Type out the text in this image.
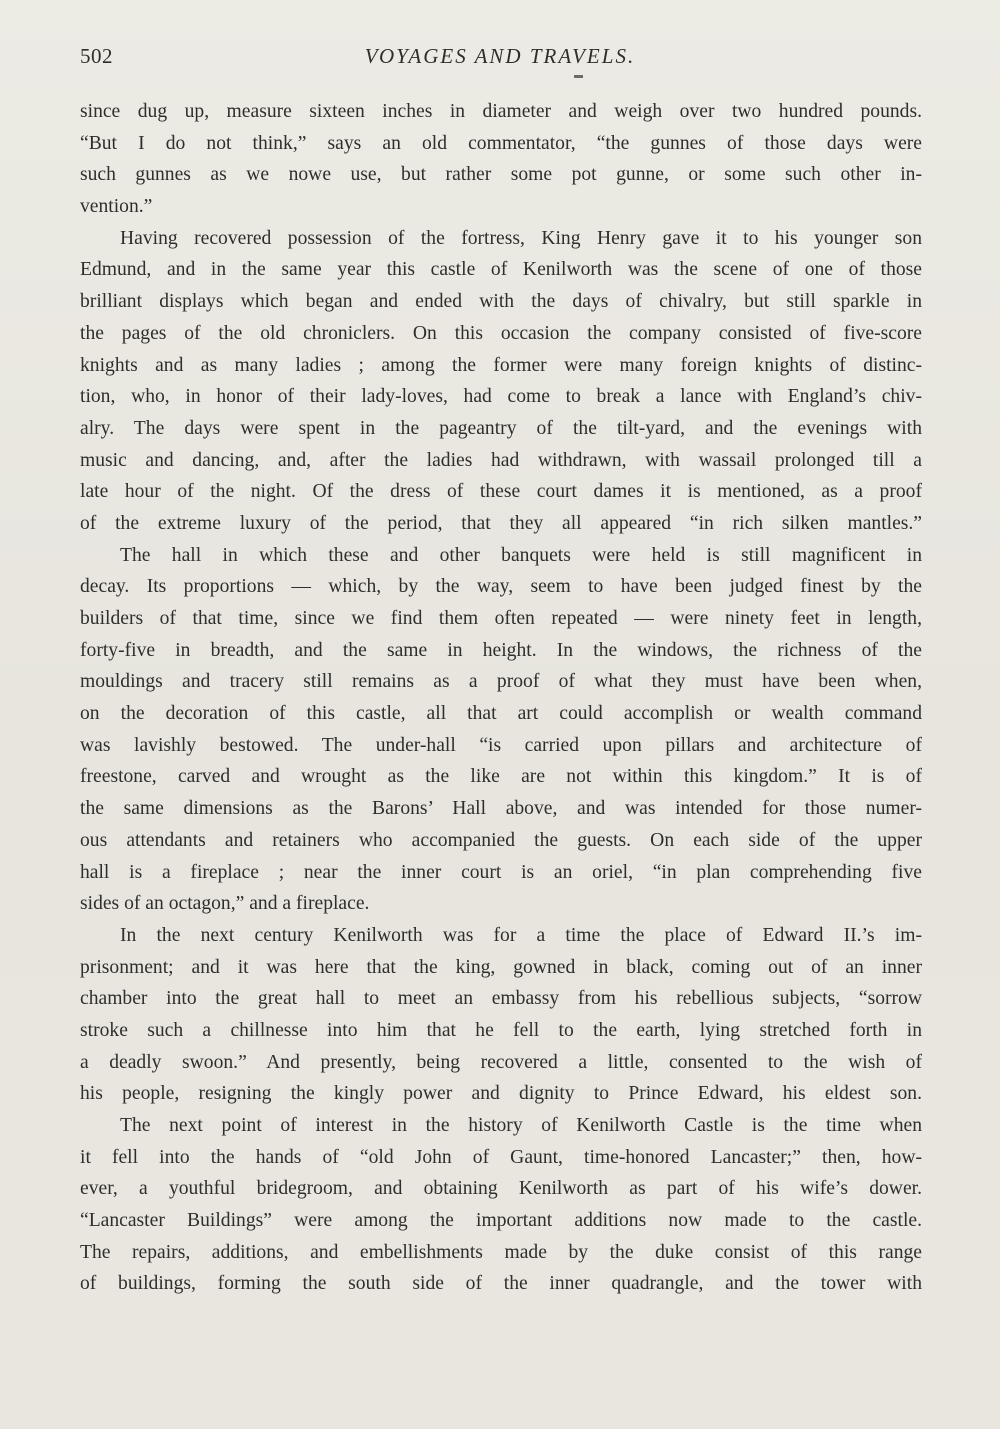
502	VOYAGES AND TRAVELS.
since dug up, measure sixteen inches in diameter and weigh over two hundred pounds.
“But I do not think,” says an old commentator, “the gunnes of those days were
such gunnes as we nowe use, but rather some pot gunne, or some such other in-
vention.”
Having recovered possession of the fortress, King Henry gave it to his younger son
Edmund, and in the same year this castle of Kenilworth was the scene of one of those
brilliant displays which began and ended with the days of chivalry, but still sparkle in
the pages of the old chroniclers. On this occasion the company consisted of five-score
knights and as many ladies ; among the former were many foreign knights of distinc-
tion, who, in honor of their lady-loves, had come to break a lance with England’s chiv-
alry. The days were spent in the pageantry of the tilt-yard, and the evenings with
music and dancing, and, after the ladies had withdrawn, with wassail prolonged till a
late hour of the night. Of the dress of these court dames it is mentioned, as a proof
of the extreme luxury of the period, that they all appeared “in rich silken mantles.”
The hall in which these and other banquets were held is still magnificent in
decay. Its proportions — which, by the way, seem to have been judged finest by the
builders of that time, since we find them often repeated — were ninety feet in length,
forty-five in breadth, and the same in height. In the windows, the richness of the
mouldings and tracery still remains as a proof of what they must have been when,
on the decoration of this castle, all that art could accomplish or wealth command
was lavishly bestowed. The under-hall “is carried upon pillars and architecture of
freestone, carved and wrought as the like are not within this kingdom.” It is of
the same dimensions as the Barons’ Hall above, and was intended for those numer-
ous attendants and retainers who accompanied the guests. On each side of the upper
hall is a fireplace ; near the inner court is an oriel, “in plan comprehending five
sides of an octagon,” and a fireplace.
In the next century Kenilworth was for a time the place of Edward II.’s im-
prisonment; and it was here that the king, gowned in black, coming out of an inner
chamber into the great hall to meet an embassy from his rebellious subjects, “sorrow
stroke such a chillnesse into him that he fell to the earth, lying stretched forth in
a deadly swoon.” And presently, being recovered a little, consented to the wish of
his people, resigning the kingly power and dignity to Prince Edward, his eldest son.
The next point of interest in the history of Kenilworth Castle is the time when
it fell into the hands of “old John of Gaunt, time-honored Lancaster;” then, how-
ever, a youthful bridegroom, and obtaining Kenilworth as part of his wife’s dower.
“Lancaster Buildings” were among the important additions now made to the castle.
The repairs, additions, and embellishments made by the duke consist of this range
of buildings, forming the south side of the inner quadrangle, and the tower with
